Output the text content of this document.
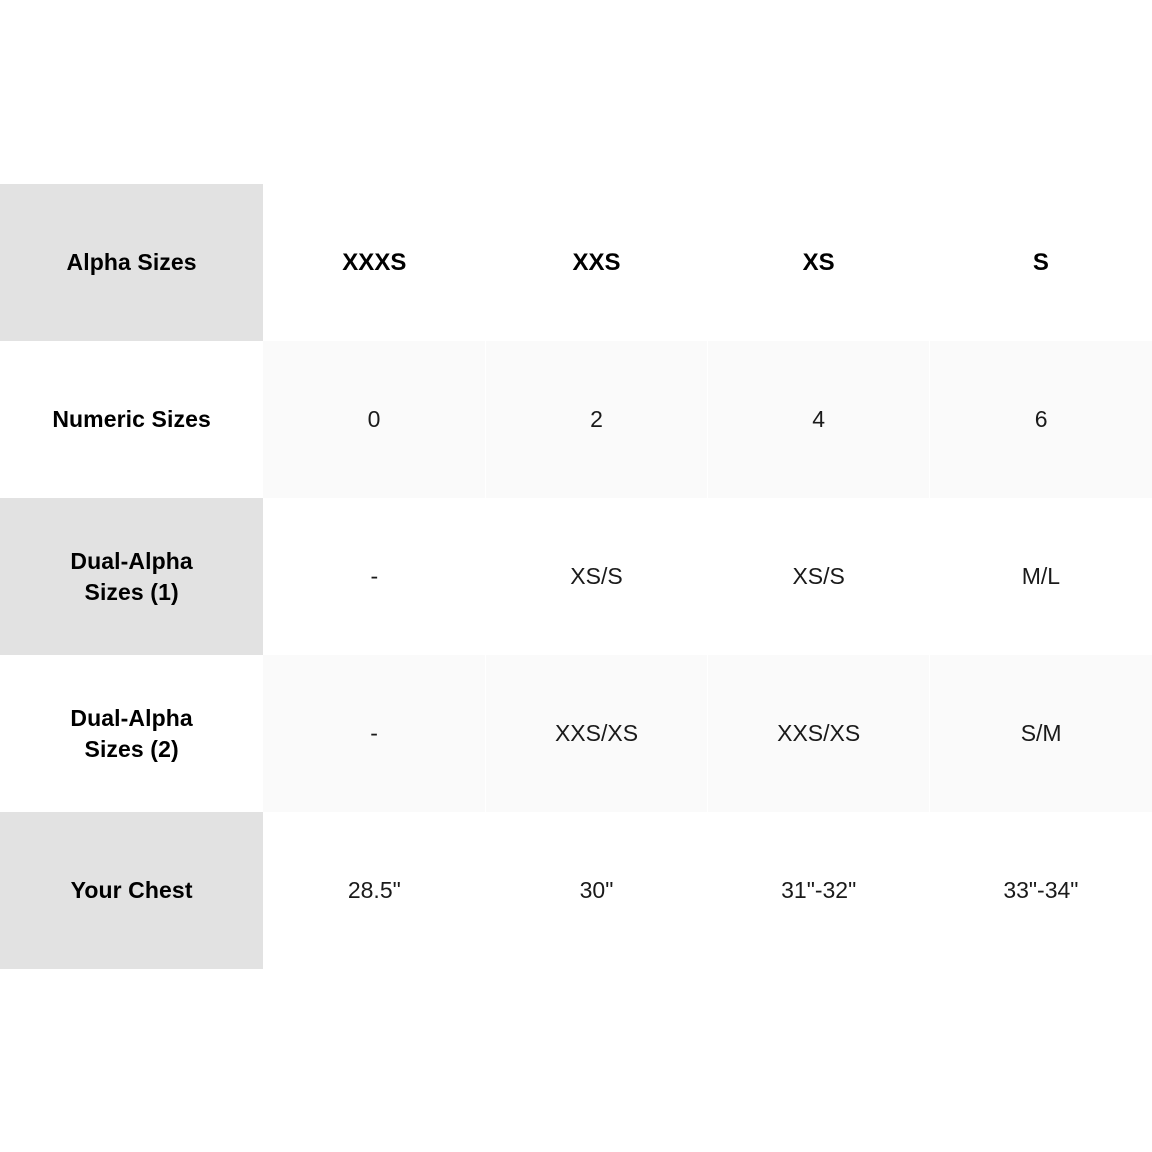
Alpha Sizes	XXXS	XXS	XS	S

Numeric Sizes	0	2	4	6

Dual-Alpha
Sizes (1)	-	XS/S	XS/S	M/L

Dual-Alpha
Sizes (2)	-	XXS/XS	XXS/XS	S/M

Your Chest	28.5"	30"	31"-32"	33"-34"
